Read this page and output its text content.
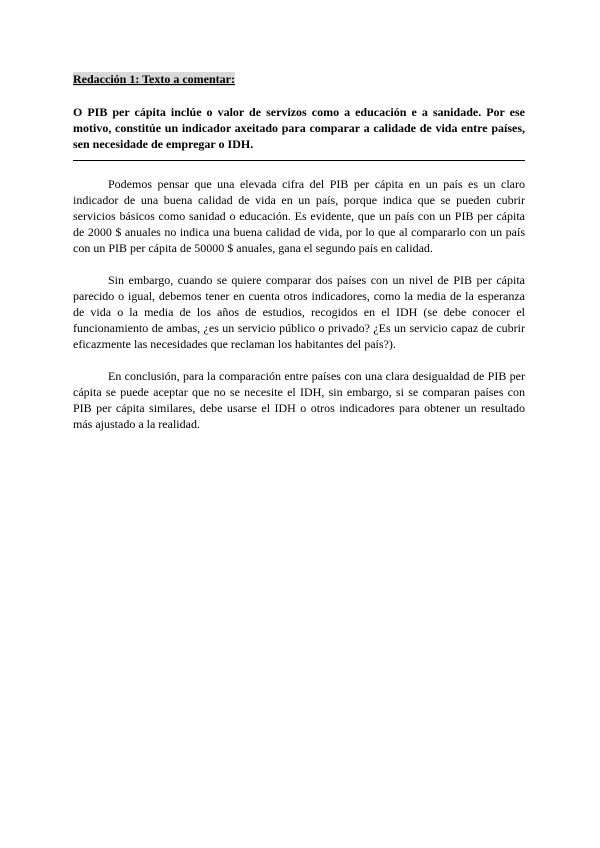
Redacción 1: Texto a comentar:

O PIB per cápita inclúe o valor de servizos como a educación e a sanidade. Por ese motivo, constitúe un indicador axeitado para comparar a calidade de vida entre países, sen necesidade de empregar o IDH.

Podemos pensar que una elevada cifra del PIB per cápita en un país es un claro indicador de una buena calidad de vida en un país, porque indica que se pueden cubrir servicios básicos como sanidad o educación. Es evidente, que un país con un PIB per cápita de 2000 $ anuales no indica una buena calidad de vida, por lo que al compararlo con un país con un PIB per cápita de 50000 $ anuales, gana el segundo país en calidad.

Sin embargo, cuando se quiere comparar dos países con un nivel de PIB per cápita parecido o igual, debemos tener en cuenta otros indicadores, como la media de la esperanza de vida o la media de los años de estudios, recogidos en el IDH (se debe conocer el funcionamiento de ambas, ¿es un servicio público o privado? ¿Es un servicio capaz de cubrir eficazmente las necesidades que reclaman los habitantes del país?).

En conclusión, para la comparación entre países con una clara desigualdad de PIB per cápita se puede aceptar que no se necesite el IDH, sin embargo, si se comparan países con PIB per cápita similares, debe usarse el IDH o otros indicadores para obtener un resultado más ajustado a la realidad.
